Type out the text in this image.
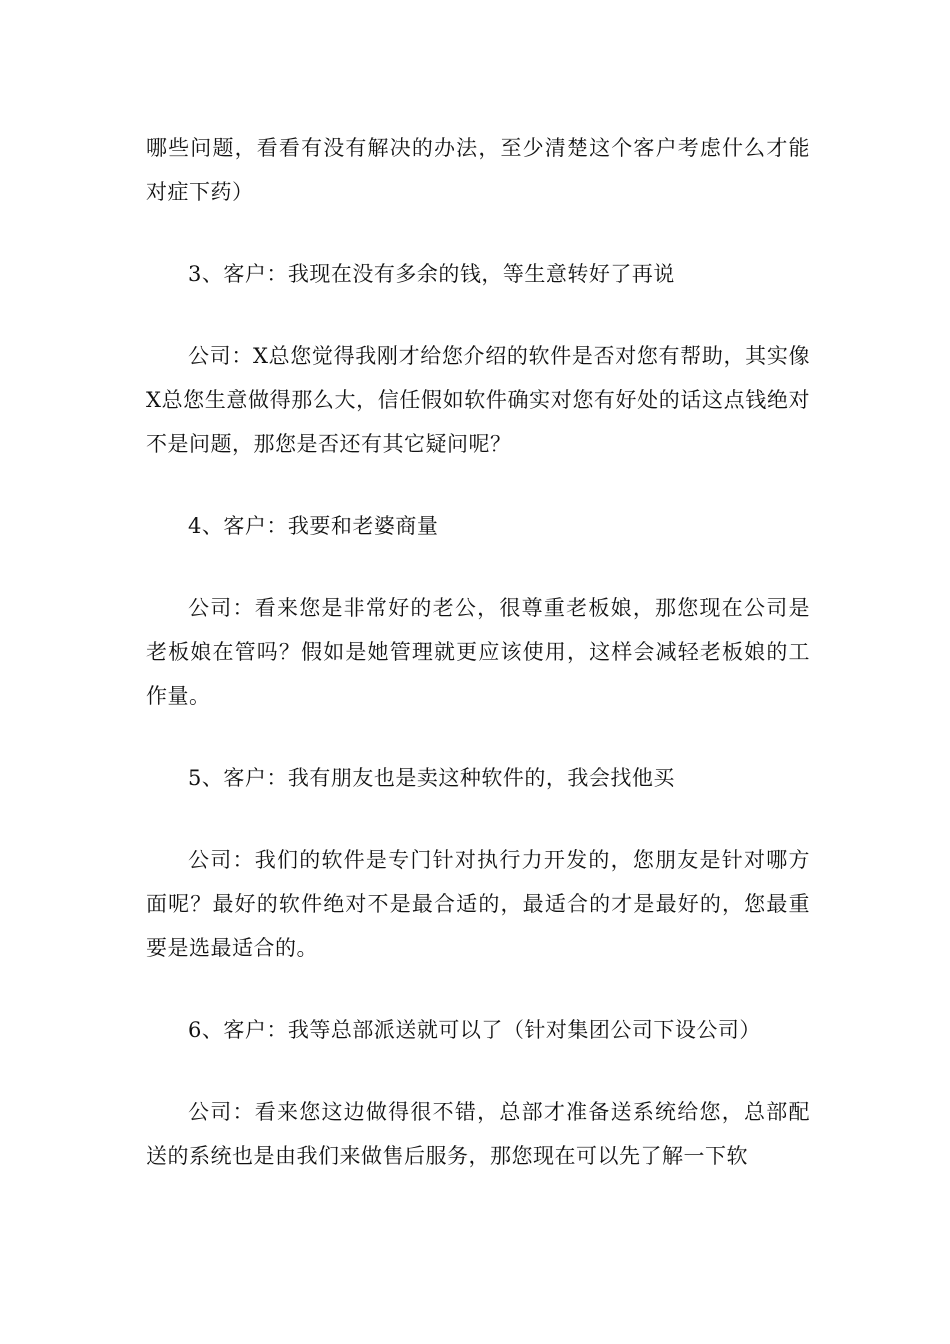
哪些问题，看看有没有解决的办法，至少清楚这个客户考虑什么才能对症下药）

3、客户：我现在没有多余的钱，等生意转好了再说

公司：X总您觉得我刚才给您介绍的软件是否对您有帮助，其实像X总您生意做得那么大，信任假如软件确实对您有好处的话这点钱绝对不是问题，那您是否还有其它疑问呢？

4、客户：我要和老婆商量

公司：看来您是非常好的老公，很尊重老板娘，那您现在公司是老板娘在管吗？假如是她管理就更应该使用，这样会减轻老板娘的工作量。

5、客户：我有朋友也是卖这种软件的，我会找他买

公司：我们的软件是专门针对执行力开发的，您朋友是针对哪方面呢？最好的软件绝对不是最合适的，最适合的才是最好的，您最重要是选最适合的。

6、客户：我等总部派送就可以了（针对集团公司下设公司）

公司：看来您这边做得很不错，总部才准备送系统给您，总部配送的系统也是由我们来做售后服务，那您现在可以先了解一下软
